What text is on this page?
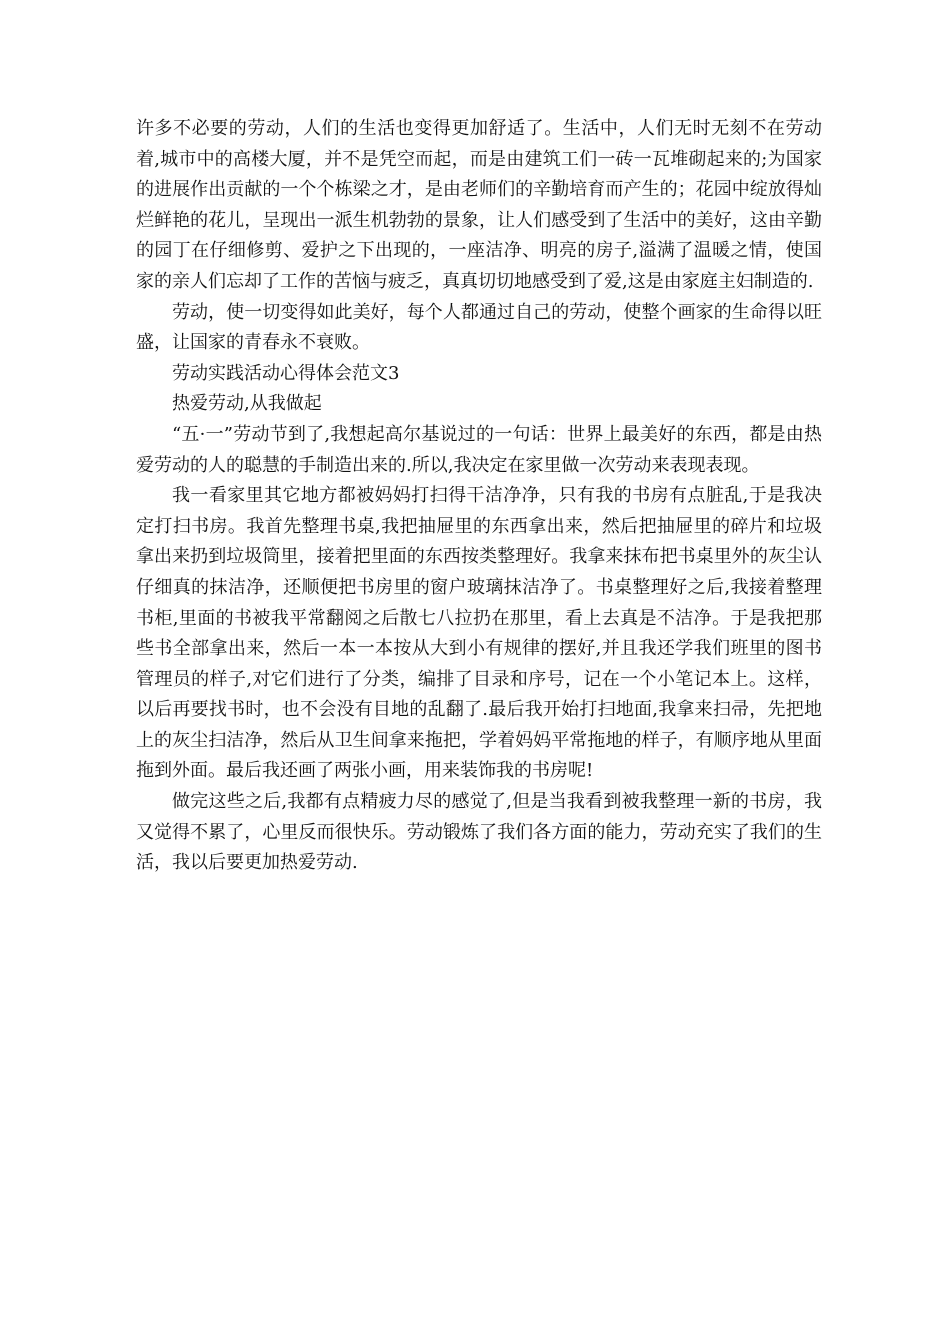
许多不必要的劳动，人们的生活也变得更加舒适了。生活中，人们无时无刻不在劳动着,城市中的高楼大厦，并不是凭空而起，而是由建筑工们一砖一瓦堆砌起来的;为国家的进展作出贡献的一个个栋梁之才，是由老师们的辛勤培育而产生的；花园中绽放得灿烂鲜艳的花儿，呈现出一派生机勃勃的景象，让人们感受到了生活中的美好，这由辛勤的园丁在仔细修剪、爱护之下出现的，一座洁净、明亮的房子,溢满了温暖之情，使国家的亲人们忘却了工作的苦恼与疲乏，真真切切地感受到了爱,这是由家庭主妇制造的.

劳动，使一切变得如此美好，每个人都通过自己的劳动，使整个画家的生命得以旺盛，让国家的青春永不衰败。

劳动实践活动心得体会范文3

热爱劳动,从我做起

“五·一”劳动节到了,我想起高尔基说过的一句话：世界上最美好的东西，都是由热爱劳动的人的聪慧的手制造出来的.所以,我决定在家里做一次劳动来表现表现。

我一看家里其它地方都被妈妈打扫得干洁净净，只有我的书房有点脏乱,于是我决定打扫书房。我首先整理书桌,我把抽屉里的东西拿出来，然后把抽屉里的碎片和垃圾拿出来扔到垃圾筒里，接着把里面的东西按类整理好。我拿来抹布把书桌里外的灰尘认仔细真的抹洁净，还顺便把书房里的窗户玻璃抹洁净了。书桌整理好之后,我接着整理书柜,里面的书被我平常翻阅之后散七八拉扔在那里，看上去真是不洁净。于是我把那些书全部拿出来，然后一本一本按从大到小有规律的摆好,并且我还学我们班里的图书管理员的样子,对它们进行了分类，编排了目录和序号，记在一个小笔记本上。这样，以后再要找书时，也不会没有目地的乱翻了.最后我开始打扫地面,我拿来扫帚，先把地上的灰尘扫洁净，然后从卫生间拿来拖把，学着妈妈平常拖地的样子，有顺序地从里面拖到外面。最后我还画了两张小画，用来装饰我的书房呢!

做完这些之后,我都有点精疲力尽的感觉了,但是当我看到被我整理一新的书房，我又觉得不累了，心里反而很快乐。劳动锻炼了我们各方面的能力，劳动充实了我们的生活，我以后要更加热爱劳动.
